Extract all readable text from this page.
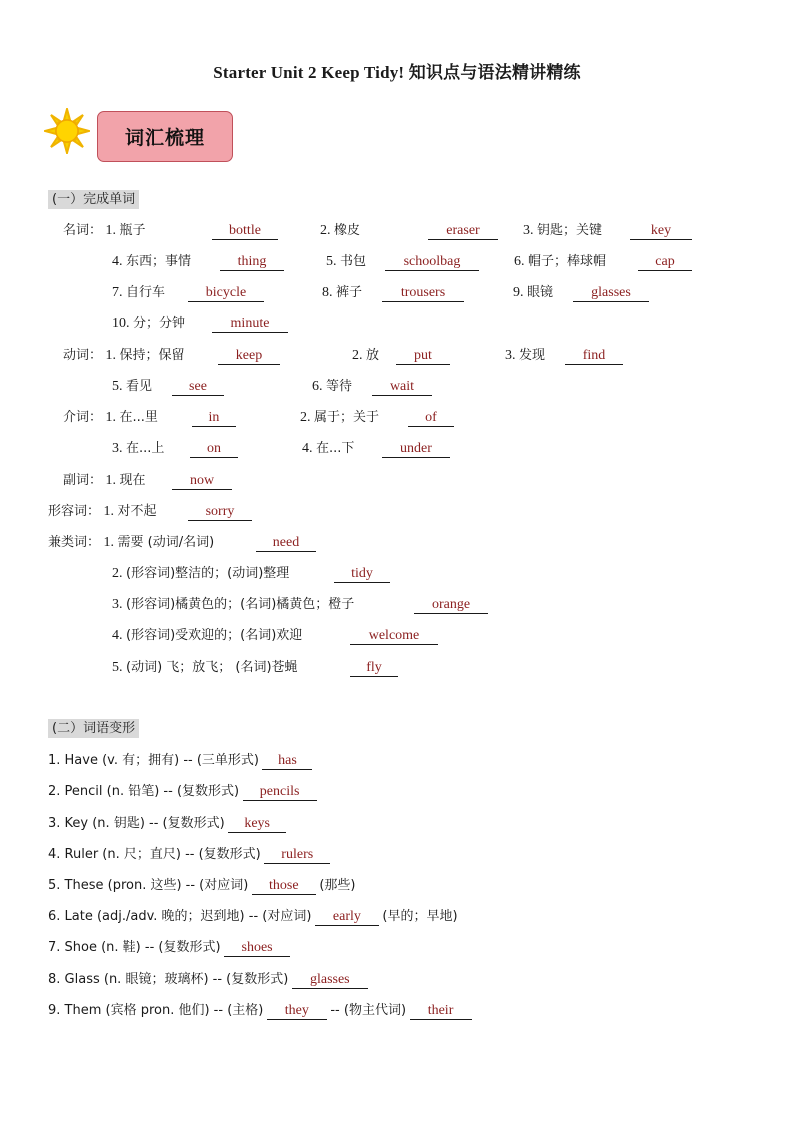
Starter Unit 2 Keep Tidy! 知识点与语法精讲精练
词汇梳理
(一）完成单词
名词： 1. 瓶子	bottle	2. 橡皮	eraser	3. 钥匙；关键	key
4. 东西；事情	thing	5. 书包	schoolbag	6. 帽子；棒球帽	cap
7. 自行车	bicycle	8. 裤子	trousers	9. 眼镜	glasses
10. 分；分钟	minute
动词： 1. 保持；保留	keep	2. 放	put	3. 发现	find
5. 看见	see	6. 等待	wait
介词： 1. 在...里	in	2. 属于；关于	of
3. 在...上	on	4. 在...下	under
副词： 1. 现在	now
形容词： 1. 对不起	sorry
兼类词： 1. 需要 (动词/名词)	need
2. (形容词)整洁的；(动词)整理	tidy
3. (形容词)橘黄色的；(名词)橘黄色；橙子	orange
4. (形容词)受欢迎的；(名词)欢迎	welcome
5. (动词) 飞；放飞； (名词)苍蝇	fly
(二）词语变形
1. Have (v. 有；拥有) -- (三单形式) has
2. Pencil (n. 铅笔) -- (复数形式) pencils
3. Key (n. 钥匙) -- (复数形式) keys
4. Ruler (n. 尺；直尺) -- (复数形式) rulers
5. These (pron. 这些) -- (对应词) those (那些)
6. Late (adj./adv. 晚的；迟到地) -- (对应词) early (早的；早地)
7. Shoe (n. 鞋) -- (复数形式) shoes
8. Glass (n. 眼镜；玻璃杯) -- (复数形式) glasses
9. Them (宾格 pron. 他们) -- (主格) they -- (物主代词) their
